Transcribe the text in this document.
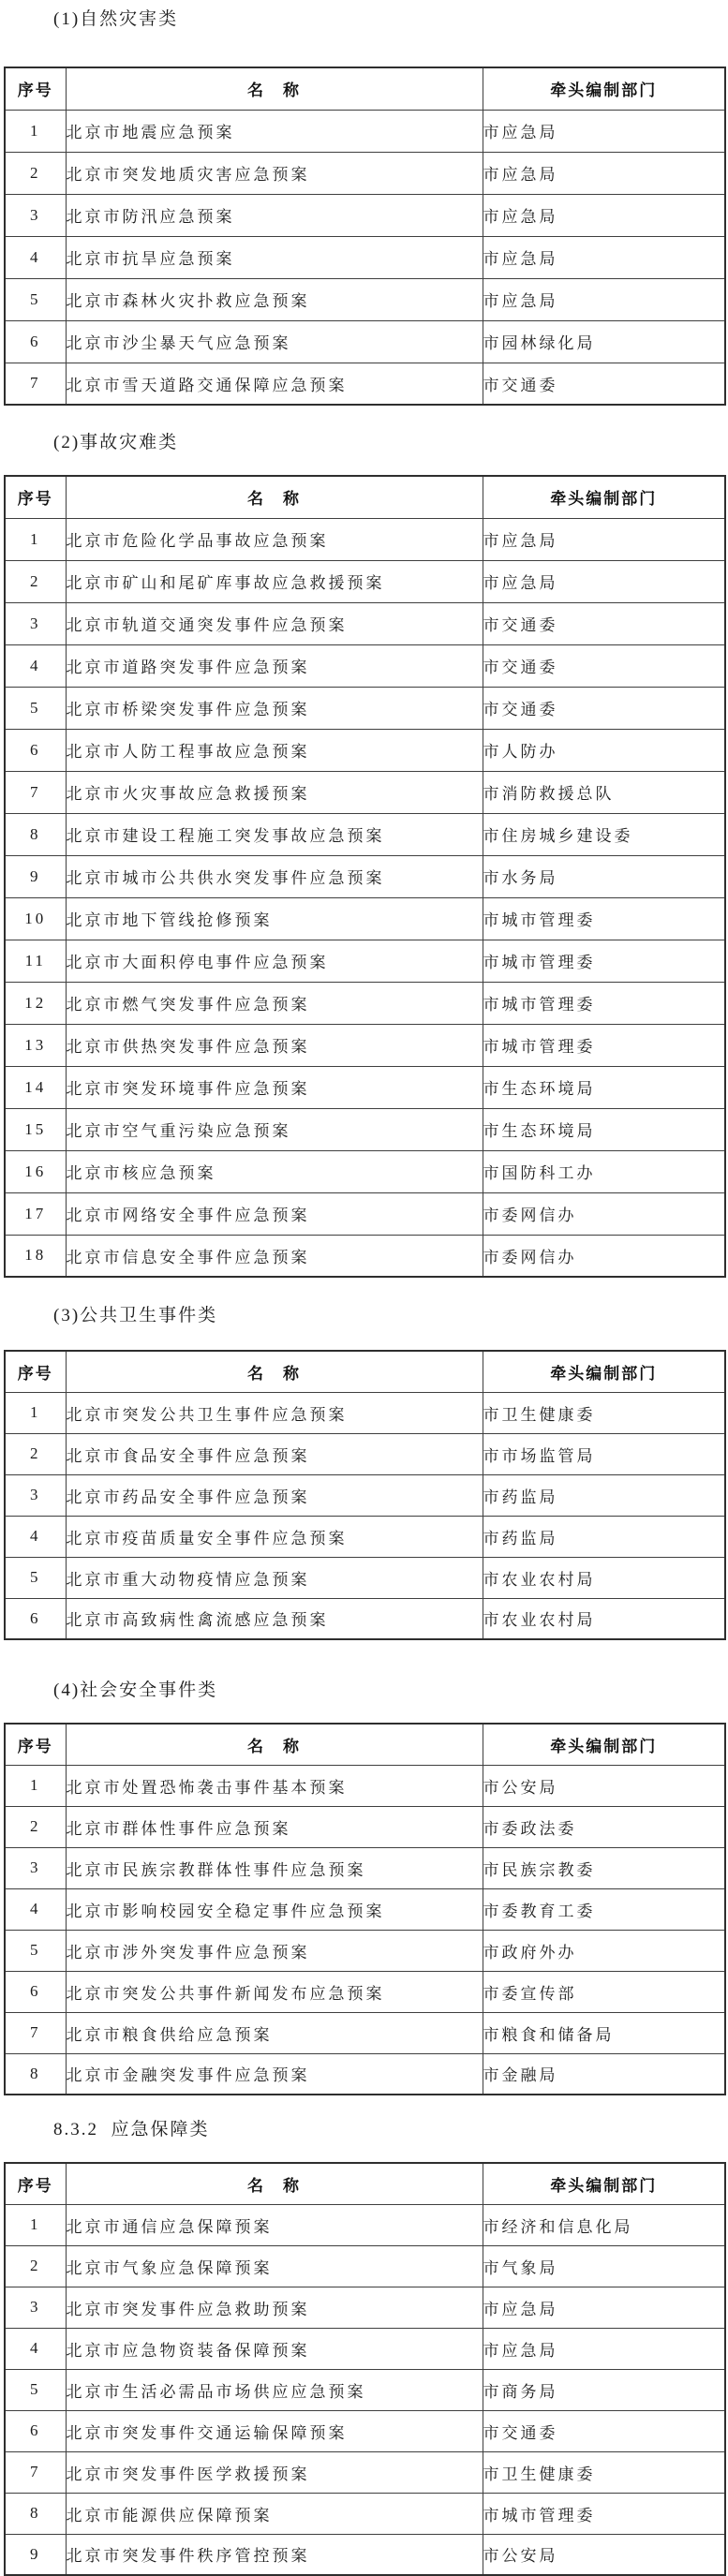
(1)自然灾害类
序号	名　称	牵头编制部门
1	北京市地震应急预案	市应急局
2	北京市突发地质灾害应急预案	市应急局
3	北京市防汛应急预案	市应急局
4	北京市抗旱应急预案	市应急局
5	北京市森林火灾扑救应急预案	市应急局
6	北京市沙尘暴天气应急预案	市园林绿化局
7	北京市雪天道路交通保障应急预案	市交通委
(2)事故灾难类
序号	名　称	牵头编制部门
1	北京市危险化学品事故应急预案	市应急局
2	北京市矿山和尾矿库事故应急救援预案	市应急局
3	北京市轨道交通突发事件应急预案	市交通委
4	北京市道路突发事件应急预案	市交通委
5	北京市桥梁突发事件应急预案	市交通委
6	北京市人防工程事故应急预案	市人防办
7	北京市火灾事故应急救援预案	市消防救援总队
8	北京市建设工程施工突发事故应急预案	市住房城乡建设委
9	北京市城市公共供水突发事件应急预案	市水务局
10	北京市地下管线抢修预案	市城市管理委
11	北京市大面积停电事件应急预案	市城市管理委
12	北京市燃气突发事件应急预案	市城市管理委
13	北京市供热突发事件应急预案	市城市管理委
14	北京市突发环境事件应急预案	市生态环境局
15	北京市空气重污染应急预案	市生态环境局
16	北京市核应急预案	市国防科工办
17	北京市网络安全事件应急预案	市委网信办
18	北京市信息安全事件应急预案	市委网信办
(3)公共卫生事件类
序号	名　称	牵头编制部门
1	北京市突发公共卫生事件应急预案	市卫生健康委
2	北京市食品安全事件应急预案	市市场监管局
3	北京市药品安全事件应急预案	市药监局
4	北京市疫苗质量安全事件应急预案	市药监局
5	北京市重大动物疫情应急预案	市农业农村局
6	北京市高致病性禽流感应急预案	市农业农村局
(4)社会安全事件类
序号	名　称	牵头编制部门
1	北京市处置恐怖袭击事件基本预案	市公安局
2	北京市群体性事件应急预案	市委政法委
3	北京市民族宗教群体性事件应急预案	市民族宗教委
4	北京市影响校园安全稳定事件应急预案	市委教育工委
5	北京市涉外突发事件应急预案	市政府外办
6	北京市突发公共事件新闻发布应急预案	市委宣传部
7	北京市粮食供给应急预案	市粮食和储备局
8	北京市金融突发事件应急预案	市金融局
8.3.2  应急保障类
序号	名　称	牵头编制部门
1	北京市通信应急保障预案	市经济和信息化局
2	北京市气象应急保障预案	市气象局
3	北京市突发事件应急救助预案	市应急局
4	北京市应急物资装备保障预案	市应急局
5	北京市生活必需品市场供应应急预案	市商务局
6	北京市突发事件交通运输保障预案	市交通委
7	北京市突发事件医学救援预案	市卫生健康委
8	北京市能源供应保障预案	市城市管理委
9	北京市突发事件秩序管控预案	市公安局
